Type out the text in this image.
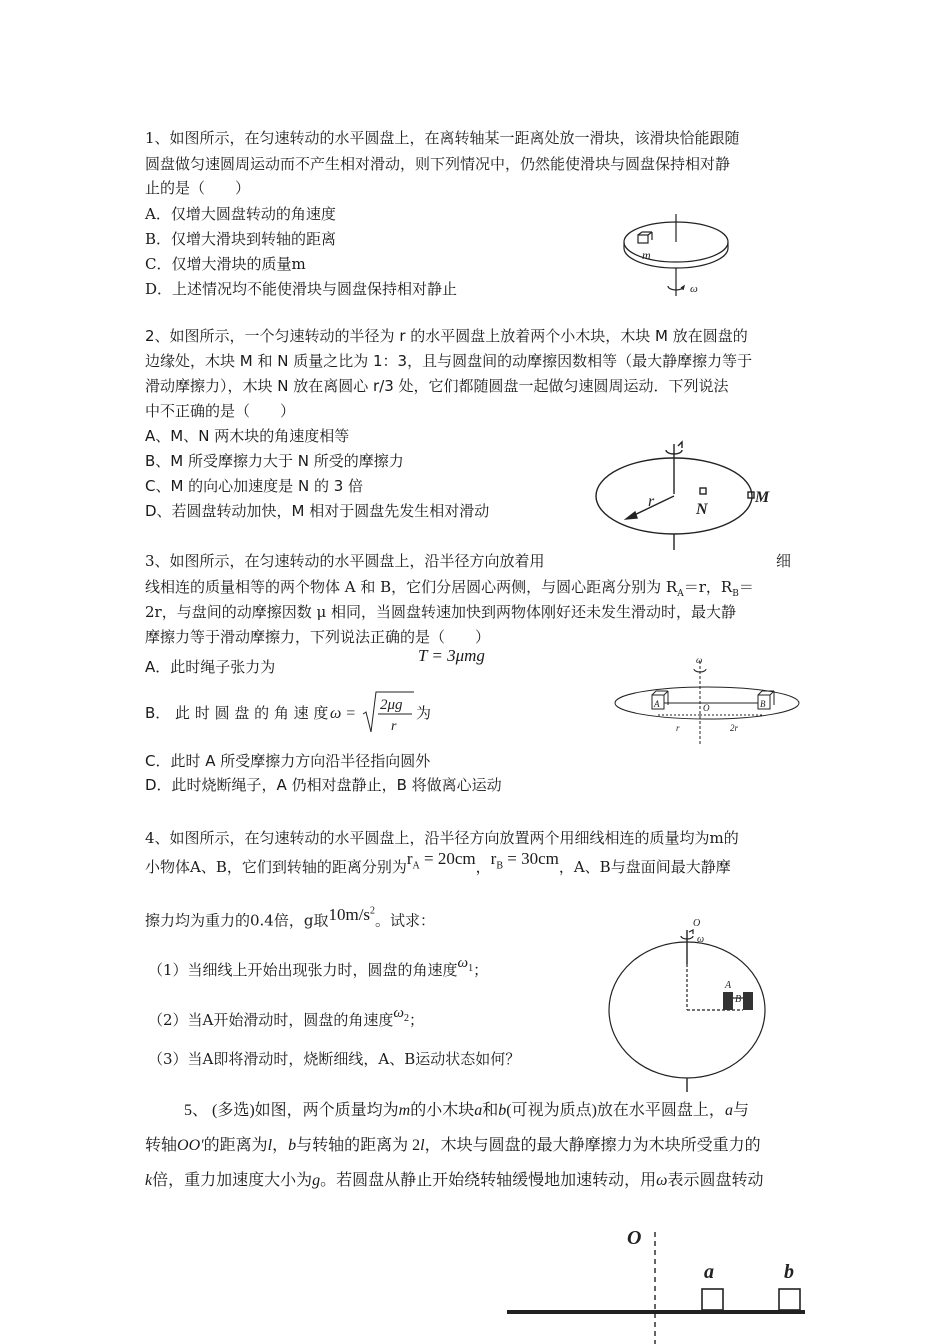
1、如图所示，在匀速转动的水平圆盘上，在离转轴某一距离处放一滑块，该滑块恰能跟随
圆盘做匀速圆周运动而不产生相对滑动，则下列情况中，仍然能使滑块与圆盘保持相对静
止的是（　　）
A．仅增大圆盘转动的角速度
B．仅增大滑块到转轴的距离
C．仅增大滑块的质量m
D．上述情况均不能使滑块与圆盘保持相对静止
m
ω
2、如图所示，一个匀速转动的半径为 r 的水平圆盘上放着两个小木块，木块 M 放在圆盘的
边缘处，木块 M 和 N 质量之比为 1：3，且与圆盘间的动摩擦因数相等（最大静摩擦力等于
滑动摩擦力），木块 N 放在离圆心 r/3 处，它们都随圆盘一起做匀速圆周运动．下列说法
中不正确的是（　　）
A、M、N 两木块的角速度相等
B、M 所受摩擦力大于 N 所受的摩擦力
C、M 的向心加速度是 N 的 3 倍
D、若圆盘转动加快，M 相对于圆盘先发生相对滑动
r	N
M
3、如图所示，在匀速转动的水平圆盘上，沿半径方向放着用	细
线相连的质量相等的两个物体 A 和 B，它们分居圆心两侧，与圆心距离分别为 $R_A=r$，$R_B=$
2r，与盘间的动摩擦因数 μ 相同，当圆盘转速加快到两物体刚好还未发生滑动时，最大静
摩擦力等于滑动摩擦力，下列说法正确的是（　　）
A．此时绳子张力为
T = 3μmg
B． 此 时 圆 盘 的 角 速 度 ω = 2μg
r
为
C．此时 A 所受摩擦力方向沿半径指向圆外
D．此时烧断绳子，A 仍相对盘静止，B 将做离心运动
ω
A	O	B
r	2r
4、如图所示，在匀速转动的水平圆盘上，沿半径方向放置两个用细线相连的质量均为m的
小物体A、B，它们到转轴的距离分别为$r_A = 20cm$，$r_B = 30cm$，A、B与盘面间最大静摩
擦力均为重力的0.4倍，g取$10m/s^2$。试求：
（1）当细线上开始出现张力时，圆盘的角速度$\omega_1$；
（2）当A开始滑动时，圆盘的角速度$\omega_2$；
（3）当A即将滑动时，烧断细线，A、B运动状态如何？
O
ω
A
B
5、 (多选)如图，两个质量均为m的小木块a和b(可视为质点)放在水平圆盘上，a与
转轴OO′的距离为l，b与转轴的距离为 2l，木块与圆盘的最大静摩擦力为木块所受重力的
k倍，重力加速度大小为g。若圆盘从静止开始绕转轴缓慢地加速转动，用ω表示圆盘转动
O
a	b
